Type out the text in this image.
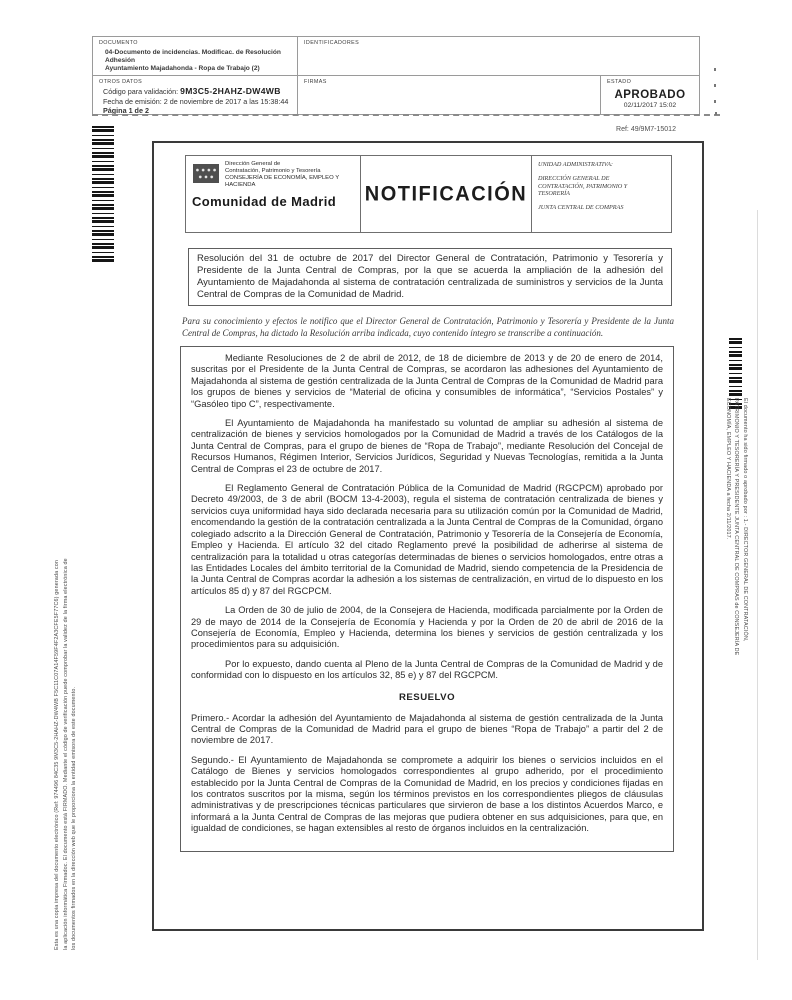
DOCUMENTO
04-Documento de incidencias. Modificac. de Resolución Adhesión
Ayuntamiento Majadahonda - Ropa de Trabajo (2)
IDENTIFICADORES
OTROS DATOS
Código para validación: 9M3C5-2HAHZ-DW4WB
Fecha de emisión: 2 de noviembre de 2017 a las 15:38:44
Página 1 de 2
FIRMAS	ESTADO
APROBADO
02/11/2017 15:02
Esta es una copia impresa del documento electrónico (Ref: 974496 84C35 9M3C5-2HAHZ-DW4WB F5C11C07A14F59F4F2A3CFE5F77C6) generada con la aplicación informática Firmadoc. El documento está FIRMADO. Mediante el código de verificación puede comprobar la validez de la firma electrónica de los documentos firmados en la dirección web que le proporciona la entidad emisora de este documento.
El documento ha sido firmado o aprobado por : 1.- DIRECTOR GENERAL DE CONTRATACIÓN, PATRIMONIO Y TESORERÍA Y PRESIDENTE JUNTA CENTRAL DE COMPRAS de CONSEJERÍA DE ECONOMÍA, EMPLEO Y HACIENDA a fecha 2/11/2017.
Ref: 49/9M7-15012
Dirección General de
Contratación, Patrimonio y Tesorería
CONSEJERÍA DE ECONOMÍA, EMPLEO Y
HACIENDA
Comunidad de Madrid	NOTIFICACIÓN
UNIDAD ADMINISTRATIVA:
DIRECCIÓN GENERAL DE
CONTRATACIÓN, PATRIMONIO Y
TESORERÍA
JUNTA CENTRAL DE COMPRAS
Resolución del 31 de octubre de 2017 del Director General de Contratación, Patrimonio y Tesorería y Presidente de la Junta Central de Compras, por la que se acuerda la ampliación de la adhesión del Ayuntamiento de Majadahonda al sistema de contratación centralizada de suministros y servicios de la Junta Central de Compras de la Comunidad de Madrid.
Para su conocimiento y efectos le notifico que el Director General de Contratación, Patrimonio y Tesorería y Presidente de la Junta Central de Compras, ha dictado la Resolución arriba indicada, cuyo contenido íntegro se transcribe a continuación.

Mediante Resoluciones de 2 de abril de 2012, de 18 de diciembre de 2013 y de 20 de enero de 2014, suscritas por el Presidente de la Junta Central de Compras, se acordaron las adhesiones del Ayuntamiento de Majadahonda al sistema de gestión centralizada de la Junta Central de Compras de la Comunidad de Madrid para los grupos de bienes y servicios de “Material de oficina y consumibles de informática”, “Servicios Postales” y “Gasóleo tipo C”, respectivamente.

El Ayuntamiento de Majadahonda ha manifestado su voluntad de ampliar su adhesión al sistema de centralización de bienes y servicios homologados por la Comunidad de Madrid a través de los Catálogos de la Junta Central de Compras, para el grupo de bienes de “Ropa de Trabajo”, mediante Resolución del Concejal de Recursos Humanos, Régimen Interior, Servicios Jurídicos, Seguridad y Nuevas Tecnologías, remitida a la Junta Central de Compras el 23 de octubre de 2017.

El Reglamento General de Contratación Pública de la Comunidad de Madrid (RGCPCM) aprobado por Decreto 49/2003, de 3 de abril (BOCM 13-4-2003), regula el sistema de contratación centralizada de bienes y servicios cuya uniformidad haya sido declarada necesaria para su utilización común por la Comunidad de Madrid, encomendando la gestión de la contratación centralizada a la Junta Central de Compras de la Comunidad, órgano colegiado adscrito a la Dirección General de Contratación, Patrimonio y Tesorería de la Consejería de Economía, Empleo y Hacienda. El artículo 32 del citado Reglamento prevé la posibilidad de adherirse al sistema de centralización para la totalidad u otras categorías determinadas de bienes o servicios homologados, entre otras a las Entidades Locales del ámbito territorial de la Comunidad de Madrid, siendo competencia de la Presidencia de la Junta Central de Compras acordar la adhesión a los sistemas de centralización, en virtud de lo dispuesto en los artículos 85 d) y 87 del RGCPCM.

La Orden de 30 de julio de 2004, de la Consejera de Hacienda, modificada parcialmente por la Orden de 29 de mayo de 2014 de la Consejería de Economía y Hacienda y por la Orden de 20 de abril de 2016 de la Consejería de Economía, Empleo y Hacienda, determina los bienes y servicios de gestión centralizada y los procedimientos para su adquisición.

Por lo expuesto, dando cuenta al Pleno de la Junta Central de Compras de la Comunidad de Madrid y de conformidad con lo dispuesto en los artículos 32, 85 e) y 87 del RGCPCM.

RESUELVO

Primero.- Acordar la adhesión del Ayuntamiento de Majadahonda al sistema de gestión centralizada de la Junta Central de Compras de la Comunidad de Madrid para el grupo de bienes “Ropa de Trabajo” a partir del 2 de noviembre de 2017.

Segundo.- El Ayuntamiento de Majadahonda se compromete a adquirir los bienes o servicios incluidos en el Catálogo de Bienes y servicios homologados correspondientes al grupo adherido, por el procedimiento establecido por la Junta Central de Compras de la Comunidad de Madrid, en los precios y condiciones fijadas en los contratos suscritos por la misma, según los términos previstos en los correspondientes pliegos de cláusulas administrativas y de prescripciones técnicas particulares que sirvieron de base a los distintos Acuerdos Marco, e informará a la Junta Central de Compras de las mejoras que pudiera obtener en sus adquisiciones, para que, en igualdad de condiciones, se hagan extensibles al resto de órganos incluidos en la centralización.
